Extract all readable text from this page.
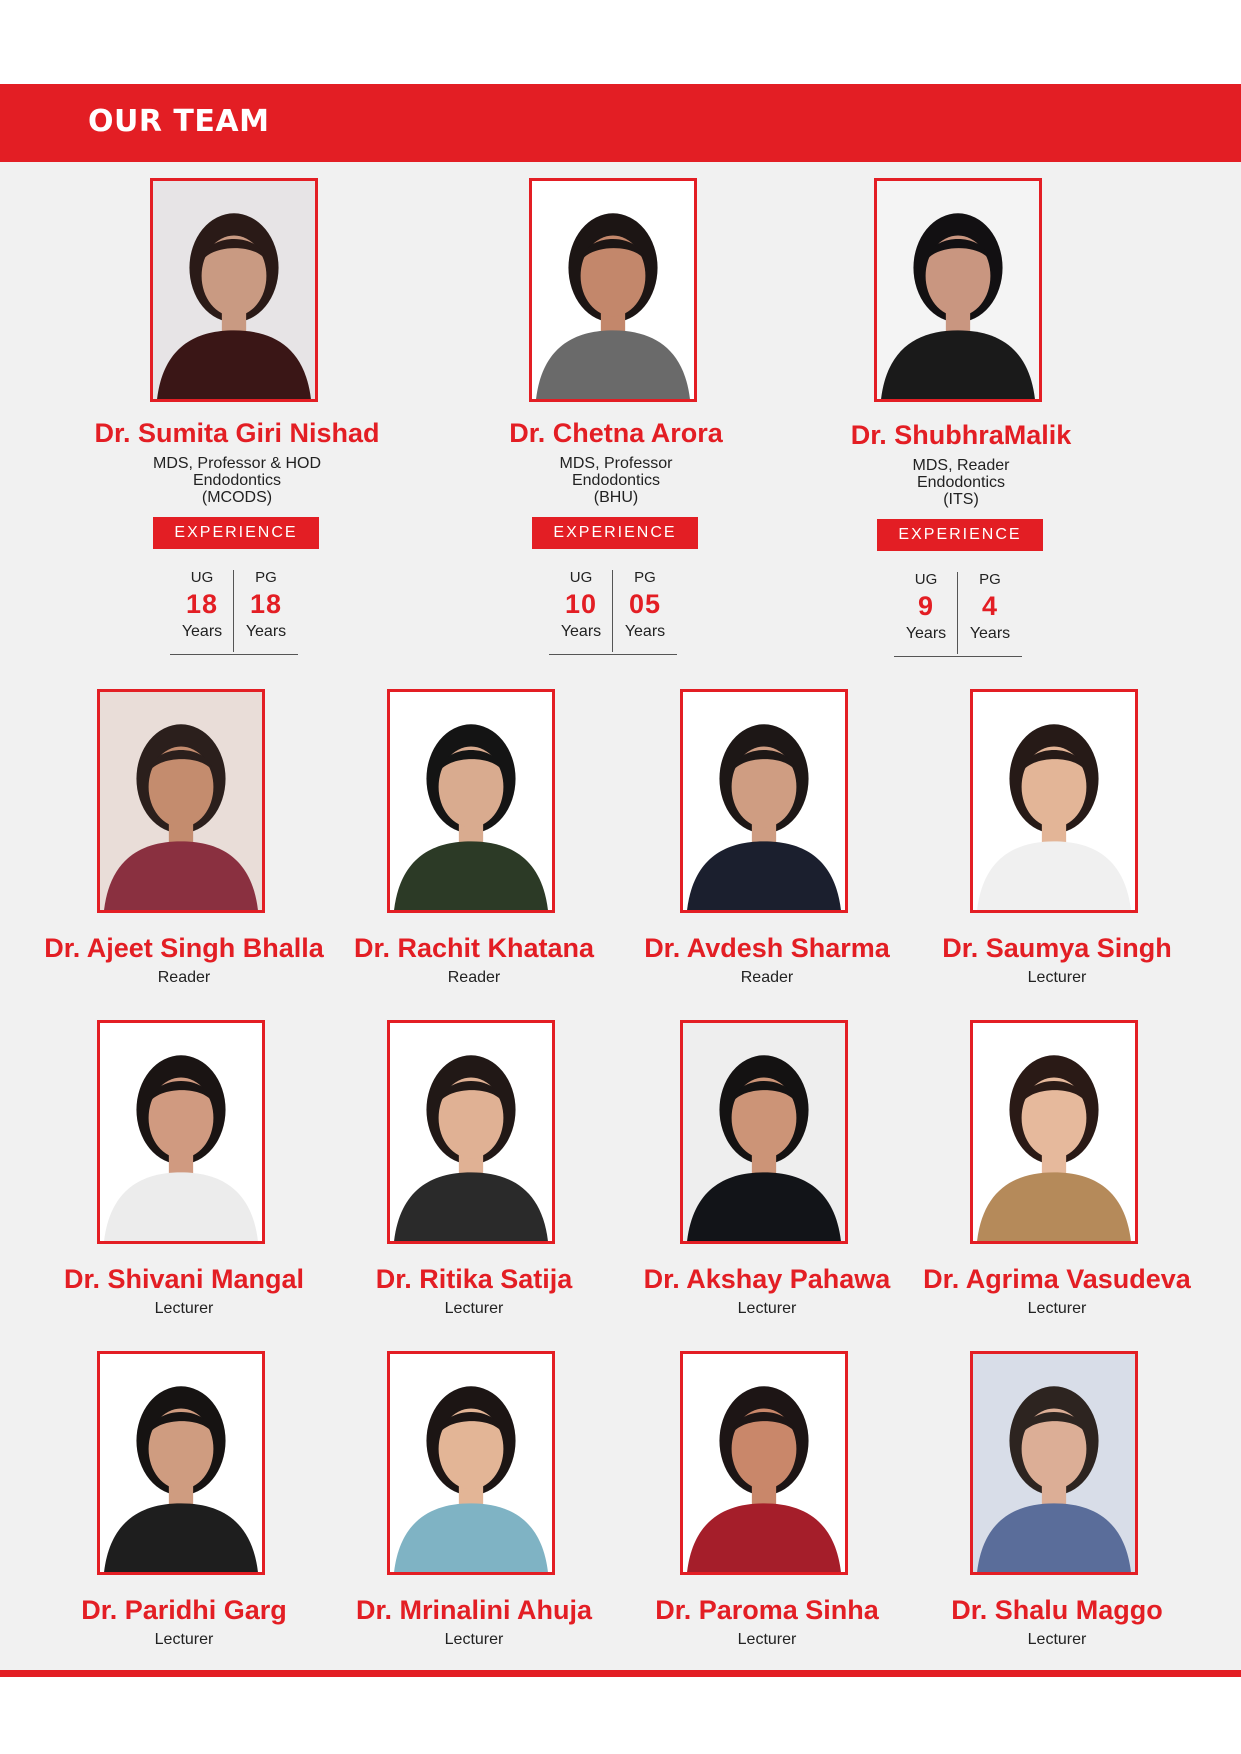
OUR TEAM
Dr. Sumita Giri Nishad
MDS, Professor & HOD
Endodontics
(MCODS)
EXPERIENCE
UG
18
Years
PG
18
Years
Dr. Chetna Arora
MDS, Professor
Endodontics
(BHU)
EXPERIENCE
UG
10
Years
PG
05
Years
Dr. ShubhraMalik
MDS, Reader
Endodontics
(ITS)
EXPERIENCE
UG
9
Years
PG
4
Years
Dr. Ajeet Singh Bhalla
Reader
Dr. Rachit Khatana
Reader
Dr. Avdesh Sharma
Reader
Dr. Saumya Singh
Lecturer
Dr. Shivani Mangal
Lecturer
Dr. Ritika Satija
Lecturer
Dr. Akshay Pahawa
Lecturer
Dr. Agrima Vasudeva
Lecturer
Dr. Paridhi Garg
Lecturer
Dr. Mrinalini Ahuja
Lecturer
Dr. Paroma Sinha
Lecturer
Dr. Shalu Maggo
Lecturer
